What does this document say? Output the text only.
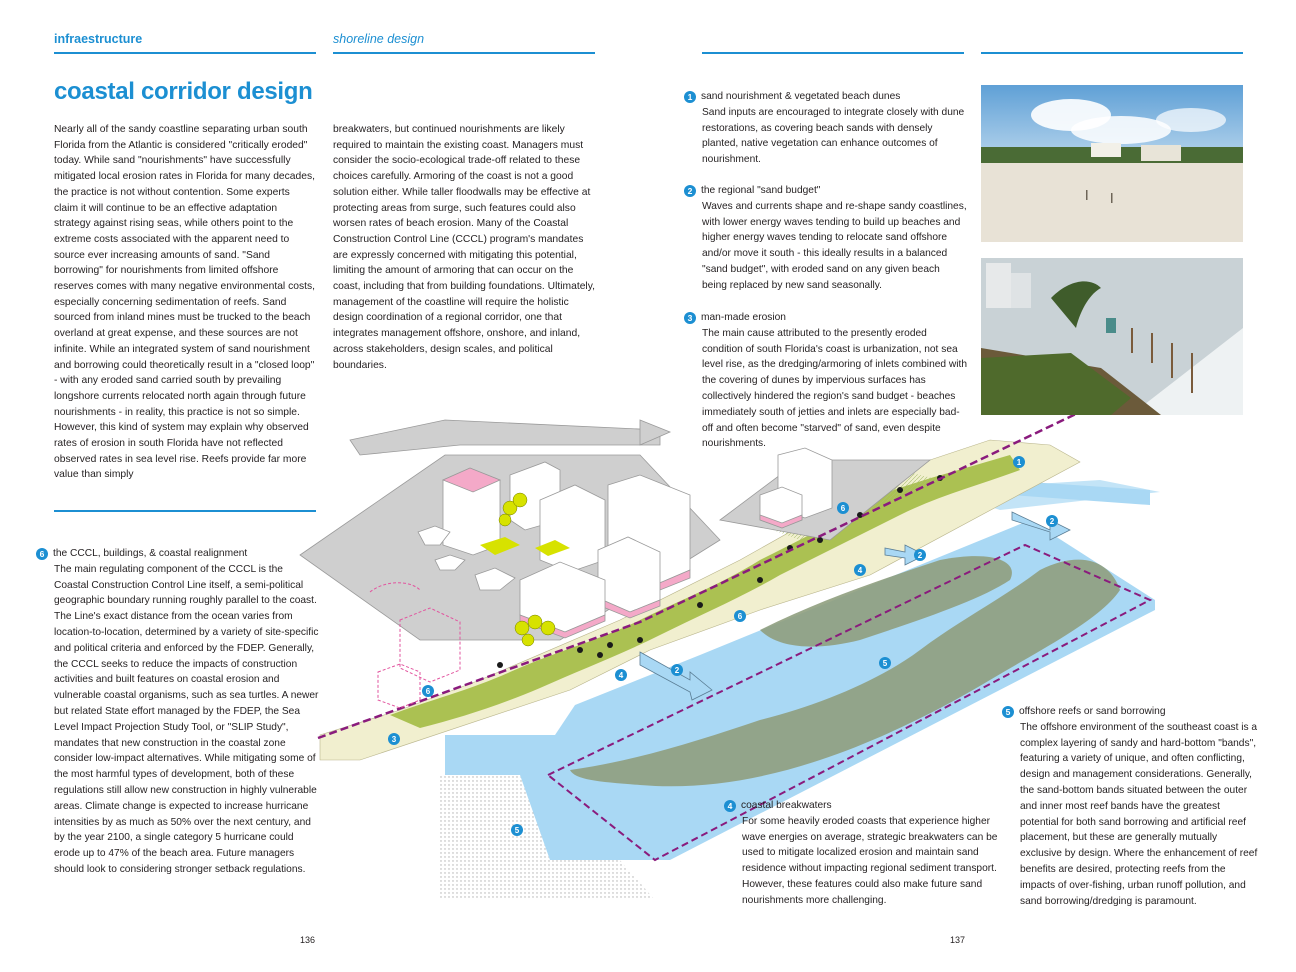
infraestructure	shoreline design
coastal corridor design
Nearly all of the sandy coastline separating urban south Florida from the Atlantic is considered "critically eroded" today. While sand "nourishments" have successfully mitigated local erosion rates in Florida for many decades, the practice is not without contention. Some experts claim it will continue to be an effective adaptation strategy against rising seas, while others point to the extreme costs associated with the apparent need to source ever increasing amounts of sand. "Sand borrowing" for nourishments from limited offshore reserves comes with many negative environmental costs, especially concerning sedimentation of reefs. Sand sourced from inland mines must be trucked to the beach overland at great expense, and these sources are not infinite. While an integrated system of sand nourishment and borrowing could theoretically result in a "closed loop" - with any eroded sand carried south by prevailing longshore currents relocated north again through future nourishments - in reality, this practice is not so simple. However, this kind of system may explain why observed rates of erosion in south Florida have not reflected observed rates in sea level rise. Reefs provide far more value than simply
breakwaters, but continued nourishments are likely required to maintain the existing coast. Managers must consider the socio-ecological trade-off related to these choices carefully. Armoring of the coast is not a good solution either. While taller floodwalls may be effective at protecting areas from surge, such features could also worsen rates of beach erosion. Many of the Coastal Construction Control Line (CCCL) program's mandates are expressly concerned with mitigating this potential, limiting the amount of armoring that can occur on the coast, including that from building foundations. Ultimately, management of the coastline will require the holistic design coordination of a regional corridor, one that integrates management offshore, onshore, and inland, across stakeholders, design scales, and political boundaries.
1
2
2
4
6
6
5
2
4
6
3
5
1 sand nourishment & vegetated beach dunes
Sand inputs are encouraged to integrate closely with dune restorations, as covering beach sands with densely planted, native vegetation can enhance outcomes of nourishment.
2 the regional "sand budget"
Waves and currents shape and re-shape sandy coastlines, with lower energy waves tending to build up beaches and higher energy waves tending to relocate sand offshore and/or move it south - this ideally results in a balanced "sand budget", with eroded sand on any given beach being replaced by new sand seasonally.
3 man-made erosion
The main cause attributed to the presently eroded condition of south Florida's coast is urbanization, not sea level rise, as the dredging/armoring of inlets combined with the covering of dunes by impervious surfaces has collectively hindered the region's sand budget - beaches immediately south of jetties and inlets are especially bad-off and often become "starved" of sand, even despite nourishments.
4 coastal breakwaters
For some heavily eroded coasts that experience higher wave energies on average, strategic breakwaters can be used to mitigate localized erosion and maintain sand residence without impacting regional sediment transport. However, these features could also make future sand nourishments more challenging.
5 offshore reefs or sand borrowing
The offshore environment of the southeast coast is a complex layering of sandy and hard-bottom "bands", featuring a variety of unique, and often conflicting, design and management considerations. Generally, the sand-bottom bands situated between the outer and inner most reef bands have the greatest potential for both sand borrowing and artificial reef placement, but these are generally mutually exclusive by design. Where the enhancement of reef benefits are desired, protecting reefs from the impacts of over-fishing, urban runoff pollution, and sand borrowing/dredging is paramount.
6 the CCCL, buildings, & coastal realignment
The main regulating component of the CCCL is the Coastal Construction Control Line itself, a semi-political geographic boundary running roughly parallel to the coast. The Line's exact distance from the ocean varies from location-to-location, determined by a variety of site-specific and political criteria and enforced by the FDEP. Generally, the CCCL seeks to reduce the impacts of construction activities and built features on coastal erosion and vulnerable coastal organisms, such as sea turtles. A newer but related State effort managed by the FDEP, the Sea Level Impact Projection Study Tool, or "SLIP Study", mandates that new construction in the coastal zone consider low-impact alternatives. While mitigating some of the most harmful types of development, both of these regulations still allow new construction in highly vulnerable areas. Climate change is expected to increase hurricane intensities by as much as 50% over the next century, and by the year 2100, a single category 5 hurricane could erode up to 47% of the beach area. Future managers should look to considering stronger setback regulations.
136	137
